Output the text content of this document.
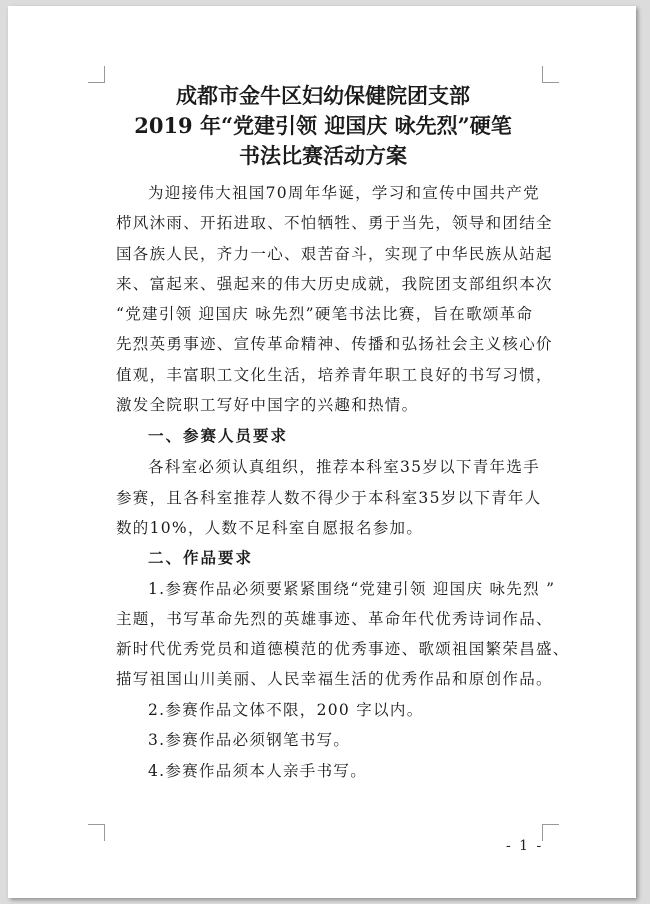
成都市金牛区妇幼保健院团支部
2019 年“党建引领 迎国庆 咏先烈”硬笔
书法比赛活动方案
为迎接伟大祖国70周年华诞，学习和宣传中国共产党
栉风沐雨、开拓进取、不怕牺牲、勇于当先，领导和团结全
国各族人民，齐力一心、艰苦奋斗，实现了中华民族从站起
来、富起来、强起来的伟大历史成就，我院团支部组织本次
“党建引领 迎国庆 咏先烈”硬笔书法比赛，旨在歌颂革命
先烈英勇事迹、宣传革命精神、传播和弘扬社会主义核心价
值观，丰富职工文化生活，培养青年职工良好的书写习惯，
激发全院职工写好中国字的兴趣和热情。
一、参赛人员要求
各科室必须认真组织，推荐本科室35岁以下青年选手
参赛，且各科室推荐人数不得少于本科室35岁以下青年人
数的10%，人数不足科室自愿报名参加。
二、作品要求
1.参赛作品必须要紧紧围绕“党建引领 迎国庆 咏先烈 ”
主题，书写革命先烈的英雄事迹、革命年代优秀诗词作品、
新时代优秀党员和道德模范的优秀事迹、歌颂祖国繁荣昌盛、
描写祖国山川美丽、人民幸福生活的优秀作品和原创作品。
2.参赛作品文体不限，200 字以内。
3.参赛作品必须钢笔书写。
4.参赛作品须本人亲手书写。
- 1 -
